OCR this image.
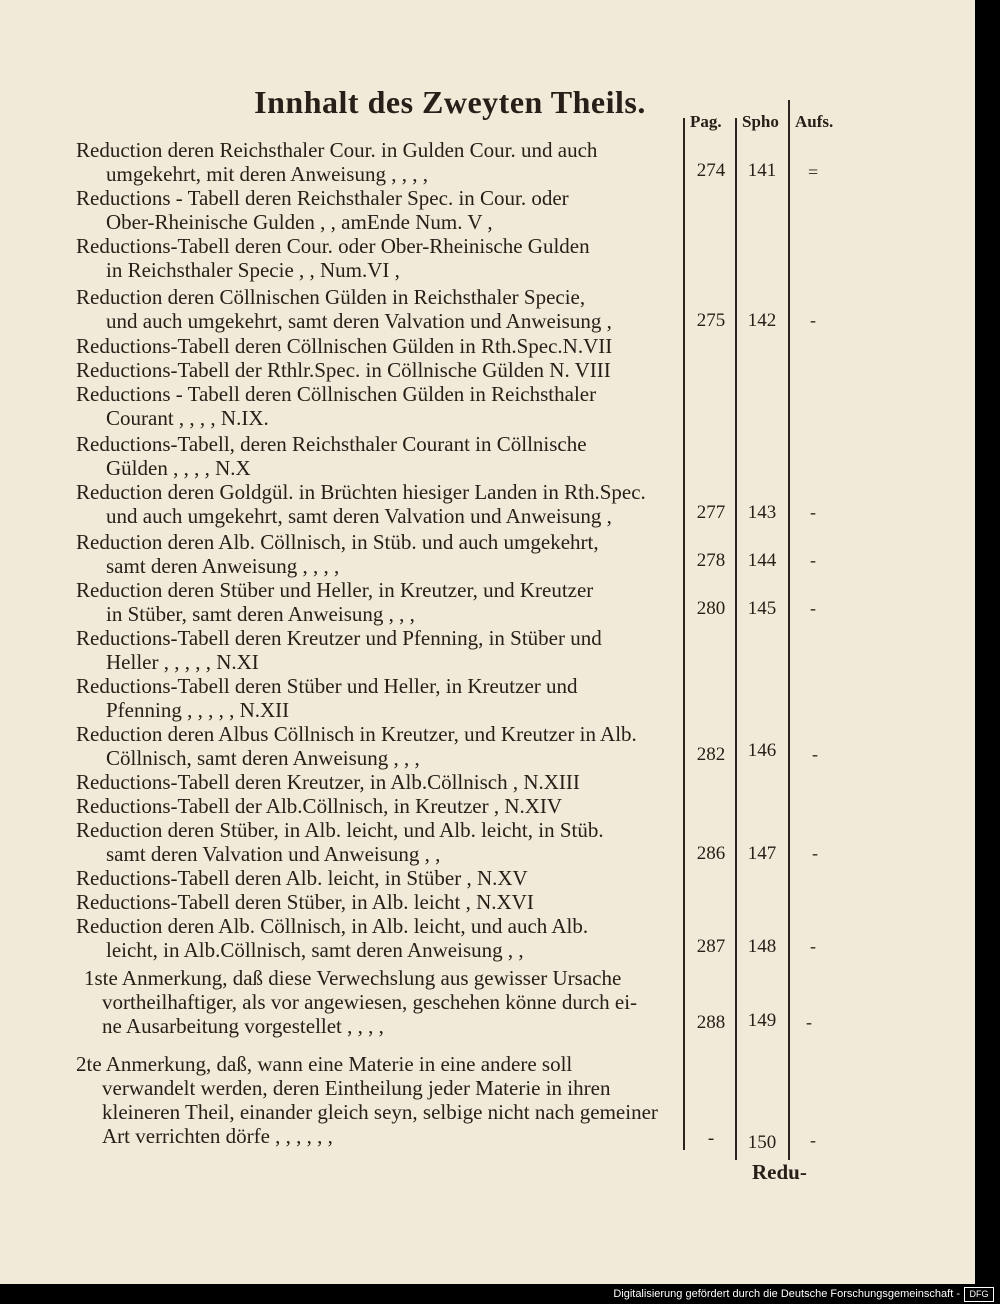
Innhalt des Zweyten Theils.
Pag. Spho Aufs.
Reduction deren Reichsthaler Cour. in Gulden Cour. und auch
umgekehrt, mit deren Anweisung , , , ,	274	141	=
Reductions - Tabell deren Reichsthaler Spec. in Cour. oder
Ober-Rheinische Gulden , , amEnde Num. V ,
Reductions-Tabell deren Cour. oder Ober-Rheinische Gulden
in Reichsthaler Specie , , Num.VI ,
Reduction deren Cöllnischen Gülden in Reichsthaler Specie,
und auch umgekehrt, samt deren Valvation und Anweisung ,	275	142	-
Reductions-Tabell deren Cöllnischen Gülden in Rth.Spec.N.VII
Reductions-Tabell der Rthlr.Spec. in Cöllnische Gülden N. VIII
Reductions - Tabell deren Cöllnischen Gülden in Reichsthaler
Courant , , , , N.IX.
Reductions-Tabell, deren Reichsthaler Courant in Cöllnische
Gülden , , , , N.X
Reduction deren Goldgül. in Brüchten hiesiger Landen in Rth.Spec.
und auch umgekehrt, samt deren Valvation und Anweisung ,	277	143	-
Reduction deren Alb. Cöllnisch, in Stüb. und auch umgekehrt,
samt deren Anweisung , , , ,	278	144	-
Reduction deren Stüber und Heller, in Kreutzer, und Kreutzer
in Stüber, samt deren Anweisung , , ,	280	145	-
Reductions-Tabell deren Kreutzer und Pfenning, in Stüber und
Heller , , , , , N.XI
Reductions-Tabell deren Stüber und Heller, in Kreutzer und
Pfenning , , , , , N.XII
Reduction deren Albus Cöllnisch in Kreutzer, und Kreutzer in Alb.
Cöllnisch, samt deren Anweisung , , ,	282	146	-
Reductions-Tabell deren Kreutzer, in Alb.Cöllnisch , N.XIII
Reductions-Tabell der Alb.Cöllnisch, in Kreutzer , N.XIV
Reduction deren Stüber, in Alb. leicht, und Alb. leicht, in Stüb.
samt deren Valvation und Anweisung , ,	286	147	-
Reductions-Tabell deren Alb. leicht, in Stüber , N.XV
Reductions-Tabell deren Stüber, in Alb. leicht , N.XVI
Reduction deren Alb. Cöllnisch, in Alb. leicht, und auch Alb.
leicht, in Alb.Cöllnisch, samt deren Anweisung , ,	287	148	-
1ste Anmerkung, daß diese Verwechslung aus gewisser Ursache
vortheilhaftiger, als vor angewiesen, geschehen könne durch ei-
ne Ausarbeitung vorgestellet , , , ,	288	149	-
2te Anmerkung, daß, wann eine Materie in eine andere soll
verwandelt werden, deren Eintheilung jeder Materie in ihren
kleineren Theil, einander gleich seyn, selbige nicht nach gemeiner
Art verrichten dörfe , , , , , ,	-	150	-
Redu-
Digitalisierung gefördert durch die Deutsche Forschungsgemeinschaft -	DFG
